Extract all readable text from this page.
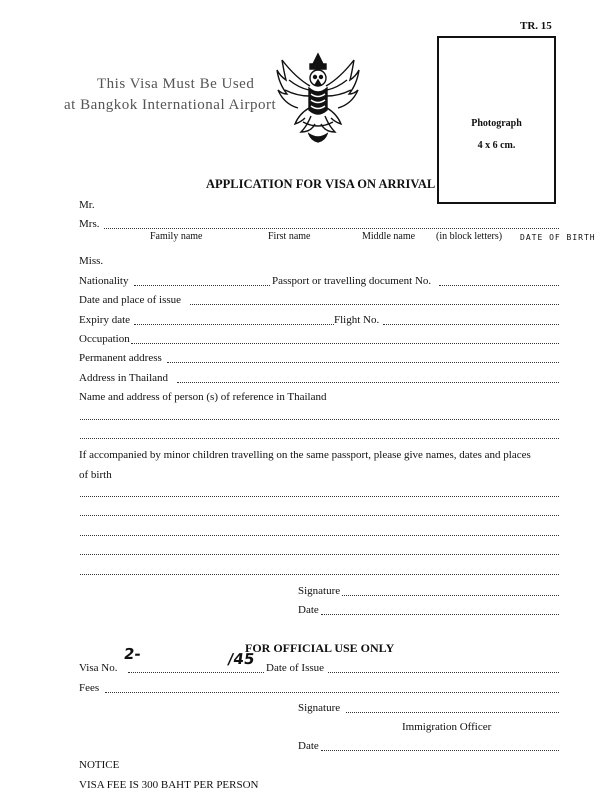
TR. 15
Photograph
4 x 6 cm.
This Visa Must Be Used
at Bangkok International Airport
APPLICATION FOR VISA ON ARRIVAL
Mr.
Mrs.
Family name	First name	Middle name (in block letters) DATE OF BIRTH
Miss.
Nationality	Passport or travelling document No.
Date and place of issue
Expiry date	Flight No.
Occupation
Permanent address
Address in Thailand
Name and address of person (s) of reference in Thailand
If accompanied by minor children travelling on the same passport, please give names, dates and places
of birth
Signature
Date
FOR OFFICIAL USE ONLY
2-	/45
Visa No.	Date of Issue
Fees
Signature
Immigration Officer
Date
NOTICE
VISA FEE IS 300 BAHT PER PERSON
